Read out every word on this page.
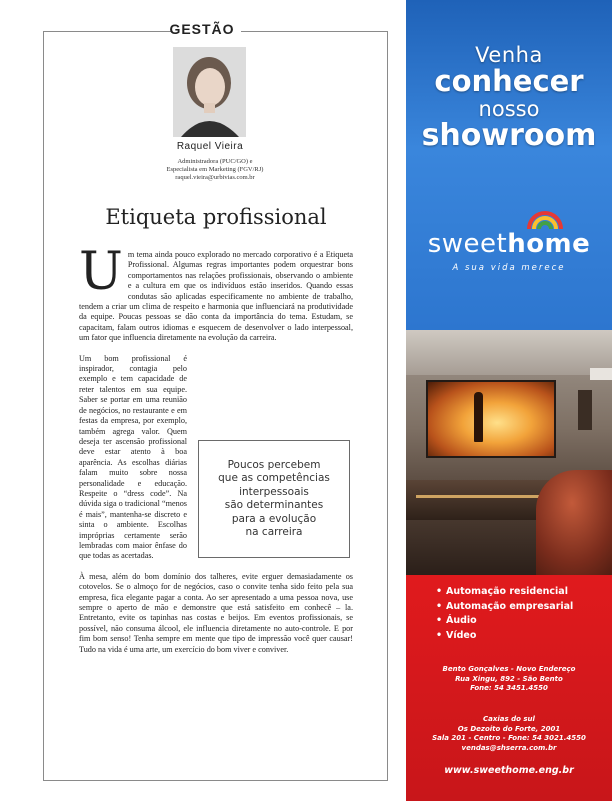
GESTÃO
Raquel Vieira
Administradora (PUC/GO) e
Especialista em Marketing (FGV/RJ)
raquel.vieira@urbivias.com.br
Etiqueta profissional

Um tema ainda pouco explorado no mercado corporativo é a Etiqueta Profissional. Algumas regras importantes podem orquestrar bons comportamentos nas relações profissionais, observando o ambiente e a cultura em que os indivíduos estão inseridos. Quando essas condutas são aplicadas especificamente no ambiente de trabalho, tendem a criar um clima de respeito e harmonia que influenciará na produtividade da equipe. Poucas pessoas se dão conta da importância do tema. Estudam, se capacitam, falam outros idiomas e esquecem de desenvolver o lado interpessoal, um fator que influencia diretamente na evolução da carreira.

Um bom profissional é inspirador, contagia pelo exemplo e tem capacidade de reter talentos em sua equipe. Saber se portar em uma reunião de negócios, no restaurante e em festas da empresa, por exemplo, também agrega valor. Quem deseja ter ascensão profissional deve estar atento à boa aparência. As escolhas diárias falam muito sobre nossa personalidade e educação. Respeite o “dress code”. Na dúvida siga o tradicional “menos é mais”, mantenha-se discreto e sinta o ambiente. Escolhas impróprias certamente serão lembradas com maior ênfase do que todas as acertadas.

À mesa, além do bom domínio dos talheres, evite erguer demasiadamente os cotovelos. Se o almoço for de negócios, caso o convite tenha sido feito pela sua empresa, fica elegante pagar a conta. Ao ser apresentado a uma pessoa nova, use sempre o aperto de mão e demonstre que está satisfeito em conhecê – la. Entretanto, evite os tapinhas nas costas e beijos. Em eventos profissionais, se possível, não consuma álcool, ele influencia diretamente no auto-controle. E por fim bom senso! Tenha sempre em mente que tipo de impressão você quer causar! Tudo na vida é uma arte, um exercício do bom viver e conviver.

Poucos percebem
que as competências
interpessoais
são determinantes
para a evolução
na carreira
Venha
conhecer
nosso
showroom
sweethome
A sua vida merece
• Automação residencial
• Automação empresarial
• Áudio
• Vídeo
Bento Gonçalves - Novo Endereço
Rua Xingu, 892 - São Bento
Fone: 54 3451.4550
Caxias do sul
Os Dezoito do Forte, 2001
Sala 201 - Centro - Fone: 54 3021.4550
vendas@shserra.com.br
www.sweethome.eng.br
